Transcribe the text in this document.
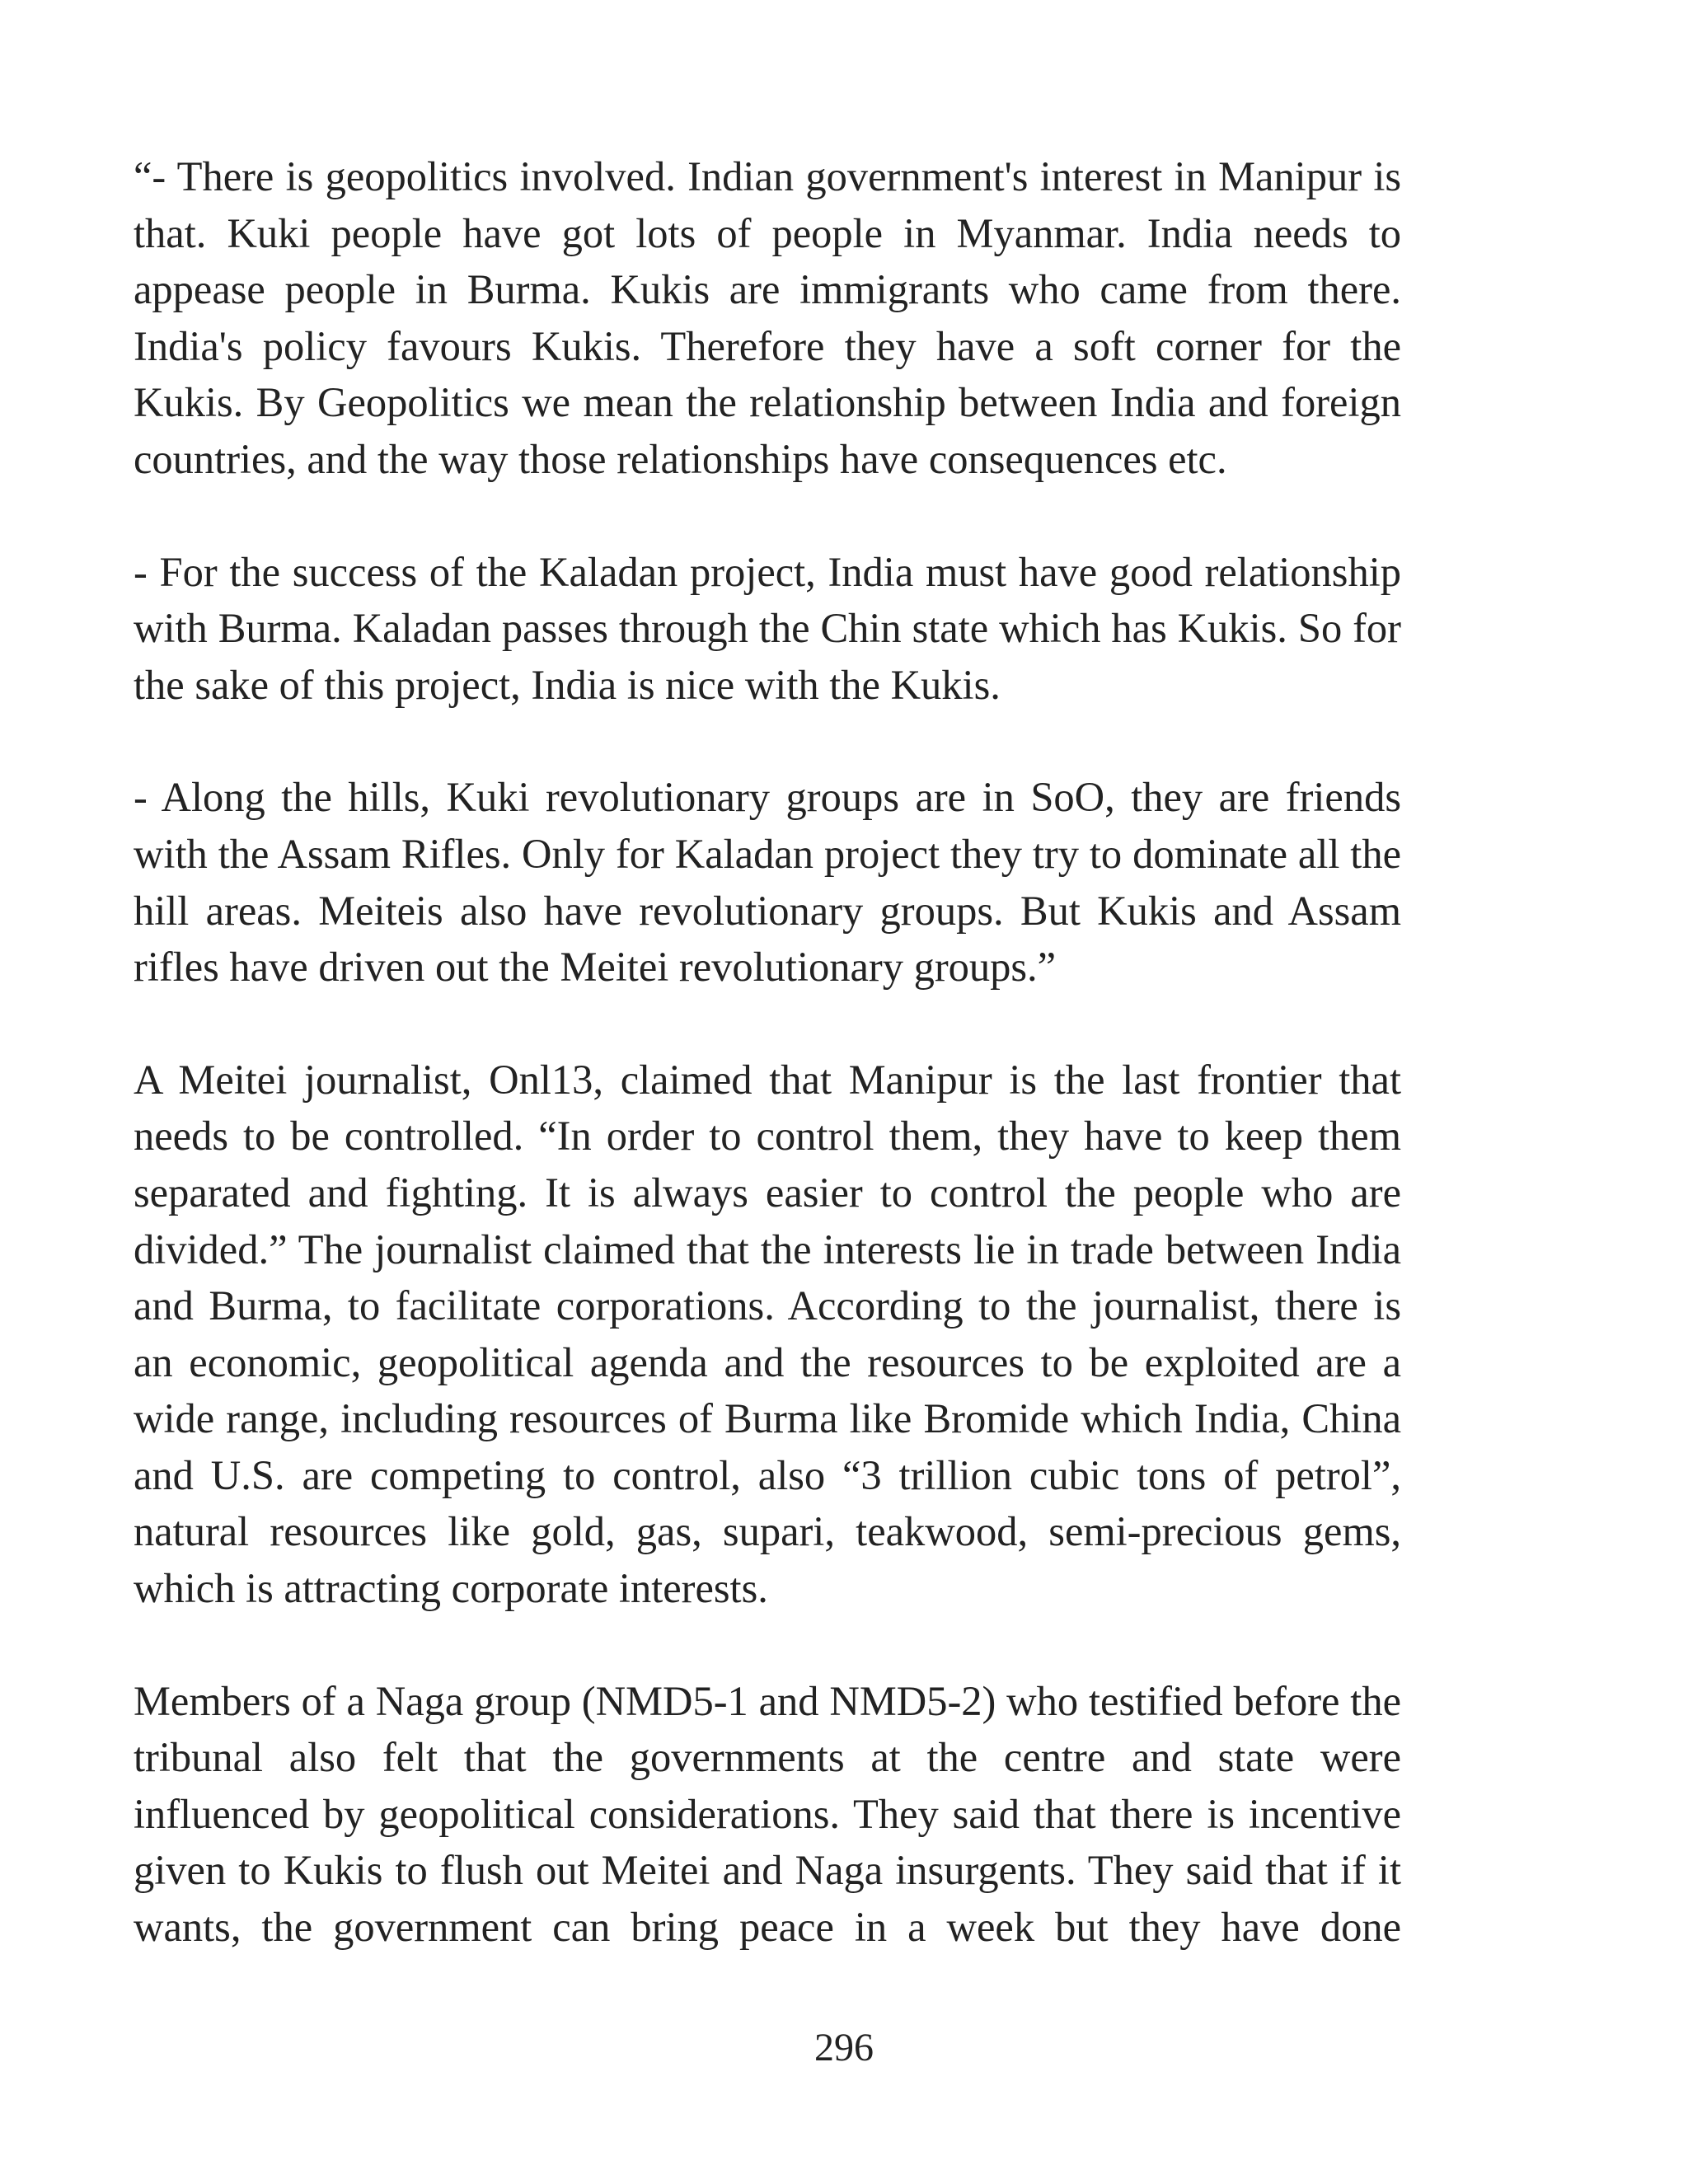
“- There is geopolitics involved. Indian government's interest in Manipur is that. Kuki people have got lots of people in Myanmar. India needs to appease people in Burma. Kukis are immigrants who came from there. India's policy favours Kukis. Therefore they have a soft corner for the Kukis. By Geopolitics we mean the relationship between India and foreign countries, and the way those relationships have consequences etc.

- For the success of the Kaladan project, India must have good relationship with Burma. Kaladan passes through the Chin state which has Kukis. So for the sake of this project, India is nice with the Kukis.

- Along the hills, Kuki revolutionary groups are in SoO, they are friends with the Assam Rifles. Only for Kaladan project they try to dominate all the hill areas. Meiteis also have revolutionary groups. But Kukis and Assam rifles have driven out the Meitei revolutionary groups.”

A Meitei journalist, Onl13, claimed that Manipur is the last frontier that needs to be controlled. “In order to control them, they have to keep them separated and fighting. It is always easier to control the people who are divided.” The journalist claimed that the interests lie in trade between India and Burma, to facilitate corporations. According to the journalist, there is an economic, geopolitical agenda and the resources to be exploited are a wide range, including resources of Burma like Bromide which India, China and U.S. are competing to control, also “3 trillion cubic tons of petrol”, natural resources like gold, gas, supari, teakwood, semi-precious gems, which is attracting corporate interests.

Members of a Naga group (NMD5-1 and NMD5-2) who testified before the tribunal also felt that the governments at the centre and state were influenced by geopolitical considerations. They said that there is incentive given to Kukis to flush out Meitei and Naga insurgents. They said that if it wants, the government can bring peace in a week but they have done

296
